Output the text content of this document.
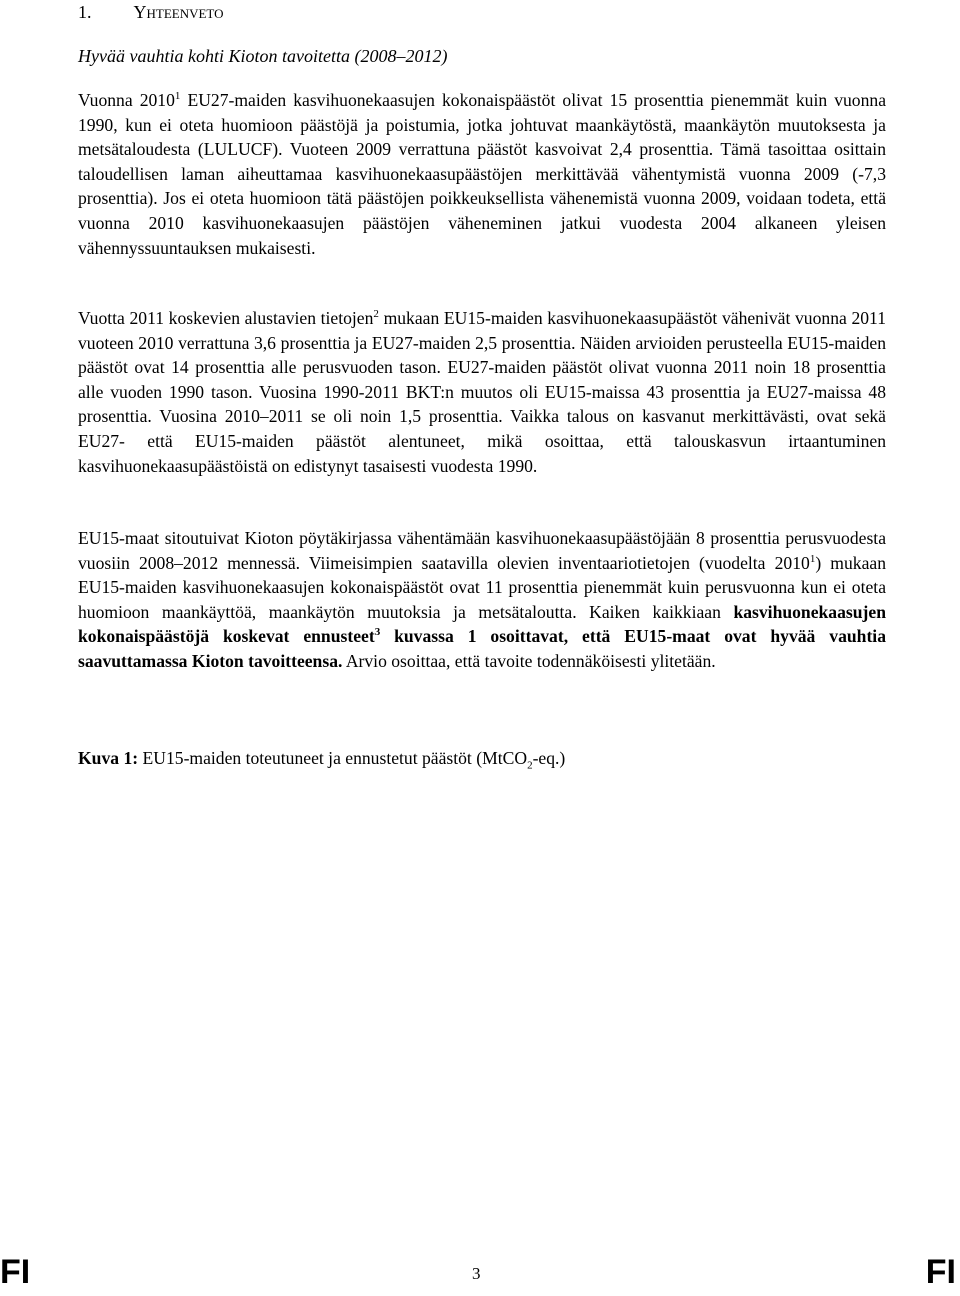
1. Yhteenveto
Hyvää vauhtia kohti Kioton tavoitetta (2008–2012)

Vuonna 2010$^1$ EU27-maiden kasvihuonekaasujen kokonaispäästöt olivat 15 prosenttia pienemmät kuin vuonna 1990, kun ei oteta huomioon päästöjä ja poistumia, jotka johtuvat maankäytöstä, maankäytön muutoksesta ja metsätaloudesta (LULUCF). Vuoteen 2009 verrattuna päästöt kasvoivat 2,4 prosenttia. Tämä tasoittaa osittain taloudellisen laman aiheuttamaa kasvihuonekaasupäästöjen merkittävää vähentymistä vuonna 2009 (-7,3 prosenttia). Jos ei oteta huomioon tätä päästöjen poikkeuksellista vähenemistä vuonna 2009, voidaan todeta, että vuonna 2010 kasvihuonekaasujen päästöjen väheneminen jatkui vuodesta 2004 alkaneen yleisen vähennyssuuntauksen mukaisesti.

Vuotta 2011 koskevien alustavien tietojen$^2$ mukaan EU15-maiden kasvihuonekaasupäästöt vähenivät vuonna 2011 vuoteen 2010 verrattuna 3,6 prosenttia ja EU27-maiden 2,5 prosenttia. Näiden arvioiden perusteella EU15-maiden päästöt ovat 14 prosenttia alle perusvuoden tason. EU27-maiden päästöt olivat vuonna 2011 noin 18 prosenttia alle vuoden 1990 tason. Vuosina 1990-2011 BKT:n muutos oli EU15-maissa 43 prosenttia ja EU27-maissa 48 prosenttia. Vuosina 2010–2011 se oli noin 1,5 prosenttia. Vaikka talous on kasvanut merkittävästi, ovat sekä EU27- että EU15-maiden päästöt alentuneet, mikä osoittaa, että talouskasvun irtaantuminen kasvihuonekaasupäästöistä on edistynyt tasaisesti vuodesta 1990.

EU15-maat sitoutuivat Kioton pöytäkirjassa vähentämään kasvihuonekaasupäästöjään 8 prosenttia perusvuodesta vuosiin 2008–2012 mennessä. Viimeisimpien saatavilla olevien inventaariotietojen (vuodelta 2010$^1$) mukaan EU15-maiden kasvihuonekaasujen kokonaispäästöt ovat 11 prosenttia pienemmät kuin perusvuonna kun ei oteta huomioon maankäyttöä, maankäytön muutoksia ja metsätaloutta. Kaiken kaikkiaan kasvihuonekaasujen kokonaispäästöjä koskevat ennusteet$^3$ kuvassa 1 osoittavat, että EU15-maat ovat hyvää vauhtia saavuttamassa Kioton tavoitteensa. Arvio osoittaa, että tavoite todennäköisesti ylitetään.

Kuva 1: EU15-maiden toteutuneet ja ennustetut päästöt (MtCO$_2$-eq.)
FI	3	FI
